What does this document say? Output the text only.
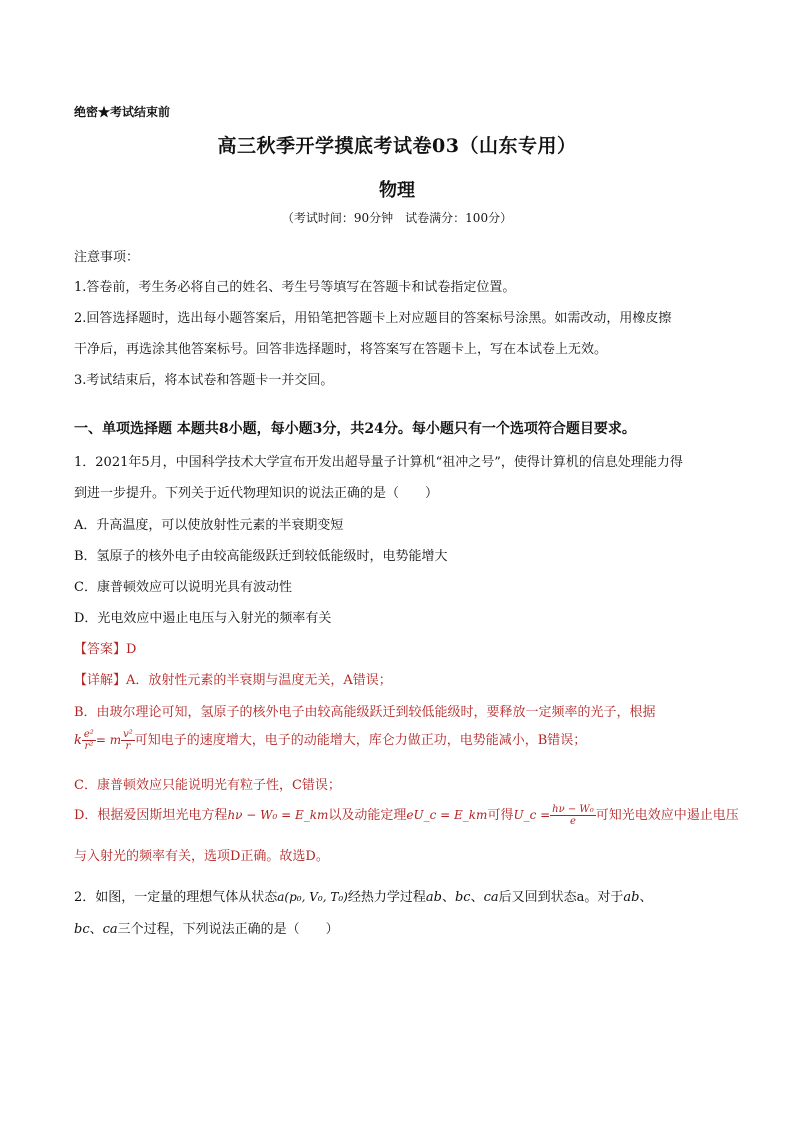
绝密★考试结束前
高三秋季开学摸底考试卷03（山东专用）
物理
（考试时间：90分钟　试卷满分：100分）
注意事项：
1.答卷前，考生务必将自己的姓名、考生号等填写在答题卡和试卷指定位置。
2.回答选择题时，选出每小题答案后，用铅笔把答题卡上对应题目的答案标号涂黑。如需改动，用橡皮擦
干净后，再选涂其他答案标号。回答非选择题时，将答案写在答题卡上，写在本试卷上无效。
3.考试结束后，将本试卷和答题卡一并交回。
一、单项选择题 本题共8小题，每小题3分，共24分。每小题只有一个选项符合题目要求。
1．2021年5月，中国科学技术大学宣布开发出超导量子计算机“祖冲之号”，使得计算机的信息处理能力得
到进一步提升。下列关于近代物理知识的说法正确的是（　　）
A．升高温度，可以使放射性元素的半衰期变短
B．氢原子的核外电子由较高能级跃迁到较低能级时，电势能增大
C．康普顿效应可以说明光具有波动性
D．光电效应中遏止电压与入射光的频率有关
【答案】D
【详解】A．放射性元素的半衰期与温度无关，A错误；
B．由玻尔理论可知，氢原子的核外电子由较高能级跃迁到较低能级时，要释放一定频率的光子，根据
k $\frac{\text{e²}}{\text{r²}} = m \frac{\text{v²}}{r}$ 可知电子的速度增大，电子的动能增大，库仑力做正功，电势能减小，B错误；
C．康普顿效应只能说明光有粒子性，C错误；
D．根据爱因斯坦光电方程hν − W₀ = E_km以及动能定理eU_c = E_km可得U_c = $\frac{\text{hν − W₀}}{e}$ 可知光电效应中遏止电压
与入射光的频率有关，选项D正确。故选D。
2．如图，一定量的理想气体从状态a(p₀, V₀, T₀)经热力学过程ab、bc、ca后又回到状态a。对于ab、
bc、ca三个过程，下列说法正确的是（　　）
